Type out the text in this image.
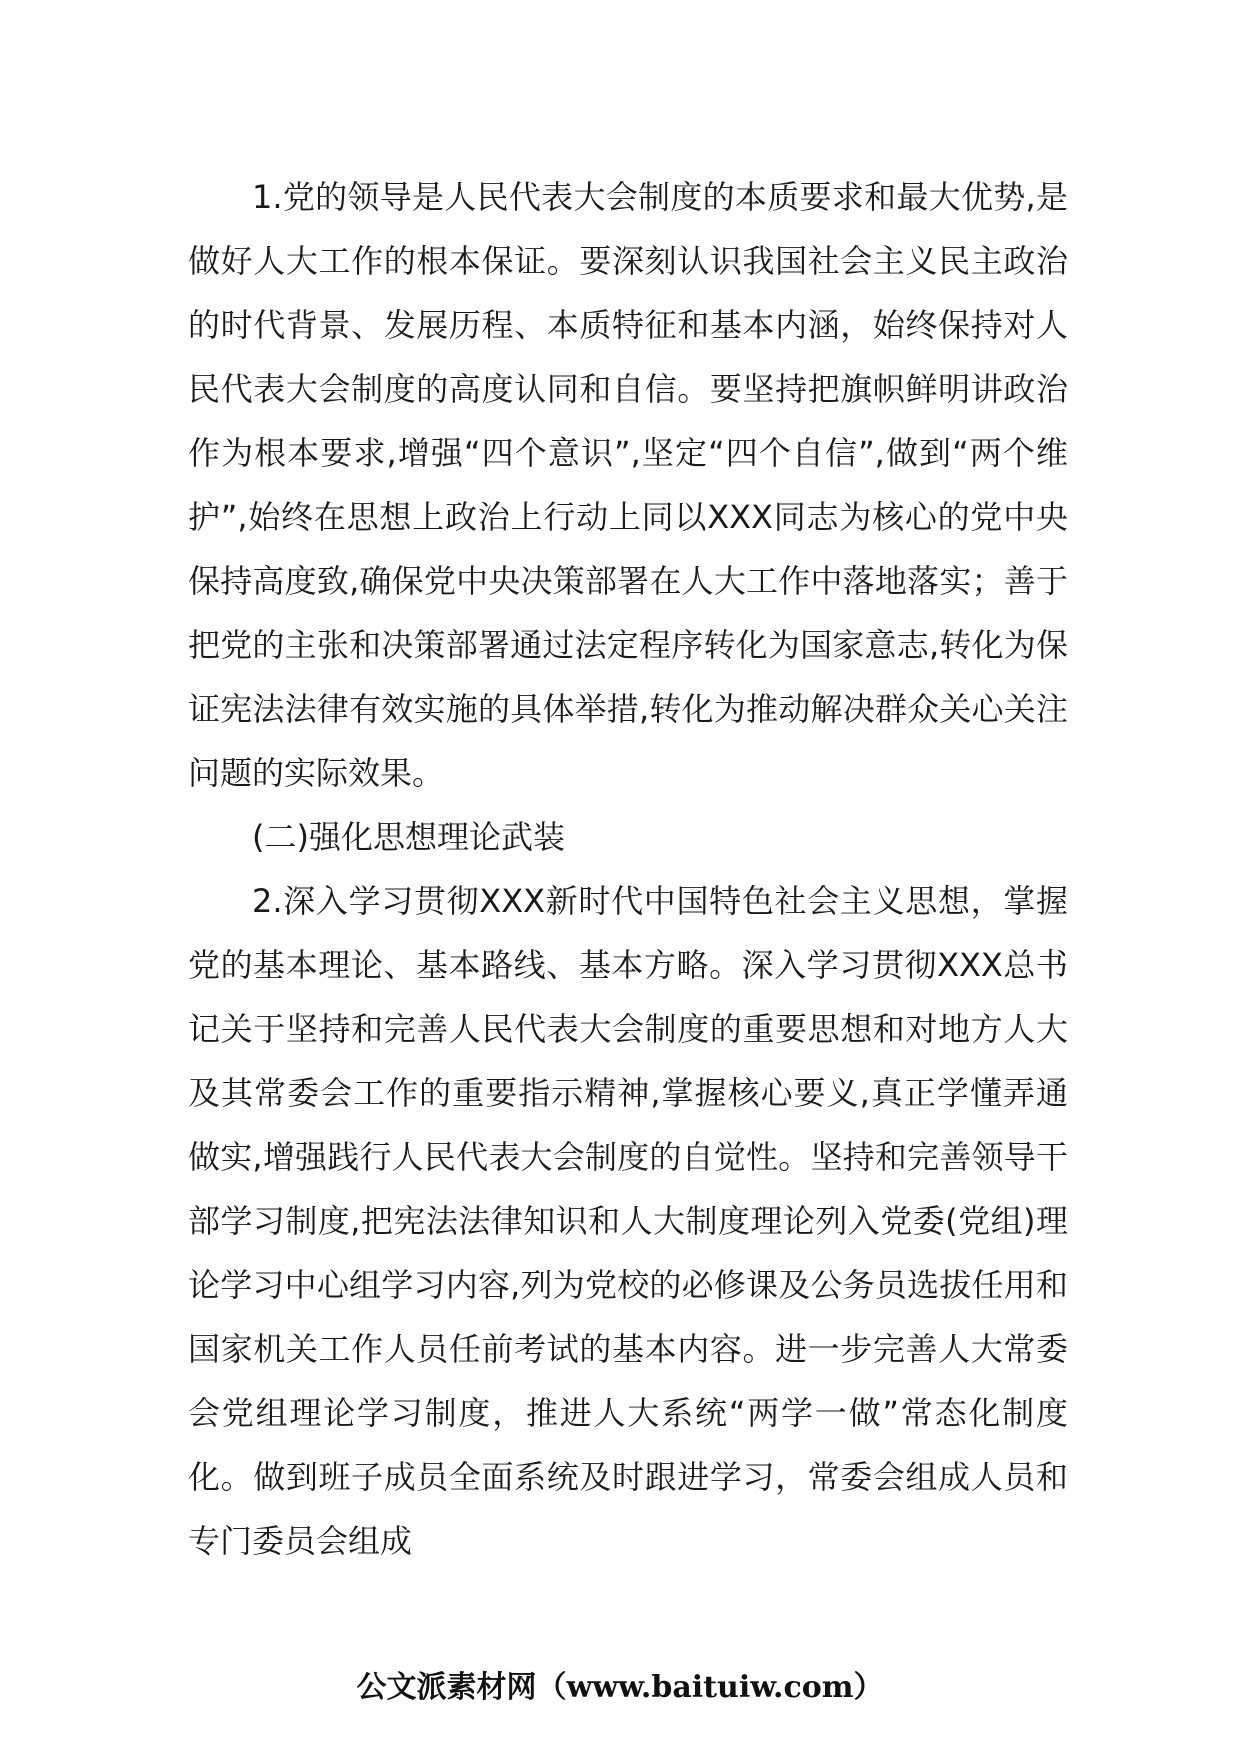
1.党的领导是人民代表大会制度的本质要求和最大优势,是做好人大工作的根本保证。要深刻认识我国社会主义民主政治的时代背景、发展历程、本质特征和基本内涵，始终保持对人民代表大会制度的高度认同和自信。要坚持把旗帜鲜明讲政治作为根本要求,增强“四个意识”,坚定“四个自信”,做到“两个维护”,始终在思想上政治上行动上同以XXX同志为核心的党中央保持高度致,确保党中央决策部署在人大工作中落地落实；善于把党的主张和决策部署通过法定程序转化为国家意志,转化为保证宪法法律有效实施的具体举措,转化为推动解决群众关心关注问题的实际效果。

(二)强化思想理论武装

2.深入学习贯彻XXX新时代中国特色社会主义思想，掌握党的基本理论、基本路线、基本方略。深入学习贯彻XXX总书记关于坚持和完善人民代表大会制度的重要思想和对地方人大及其常委会工作的重要指示精神,掌握核心要义,真正学懂弄通做实,增强践行人民代表大会制度的自觉性。坚持和完善领导干部学习制度,把宪法法律知识和人大制度理论列入党委(党组)理论学习中心组学习内容,列为党校的必修课及公务员选拔任用和国家机关工作人员任前考试的基本内容。进一步完善人大常委会党组理论学习制度，推进人大系统“两学一做”常态化制度化。做到班子成员全面系统及时跟进学习，常委会组成人员和专门委员会组成

公文派素材网（www.baituiw.com）
